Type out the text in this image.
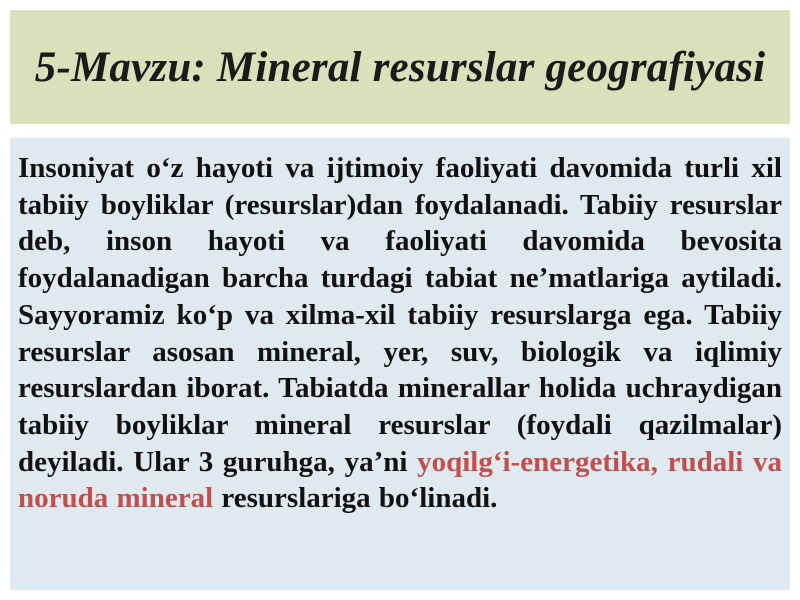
5-Mavzu: Mineral resurslar geografiyasi

Insoniyat o‘z hayoti va ijtimoiy faoliyati davomida turli xil tabiiy boyliklar (resurslar)dan foydalanadi. Tabiiy resurslar deb, inson hayoti va faoliyati davomida bevosita foydalanadigan barcha turdagi tabiat ne’matlariga aytiladi. Sayyoramiz ko‘p va xilma-xil tabiiy resurslarga ega. Tabiiy resurslar asosan mineral, yer, suv, biologik va iqlimiy resurslardan iborat. Tabiatda minerallar holida uchraydigan tabiiy boyliklar mineral resurslar (foydali qazilmalar) deyiladi. Ular 3 guruhga, ya’ni yoqilg‘i-energetika, rudali va noruda mineral resurslariga bo‘linadi.
